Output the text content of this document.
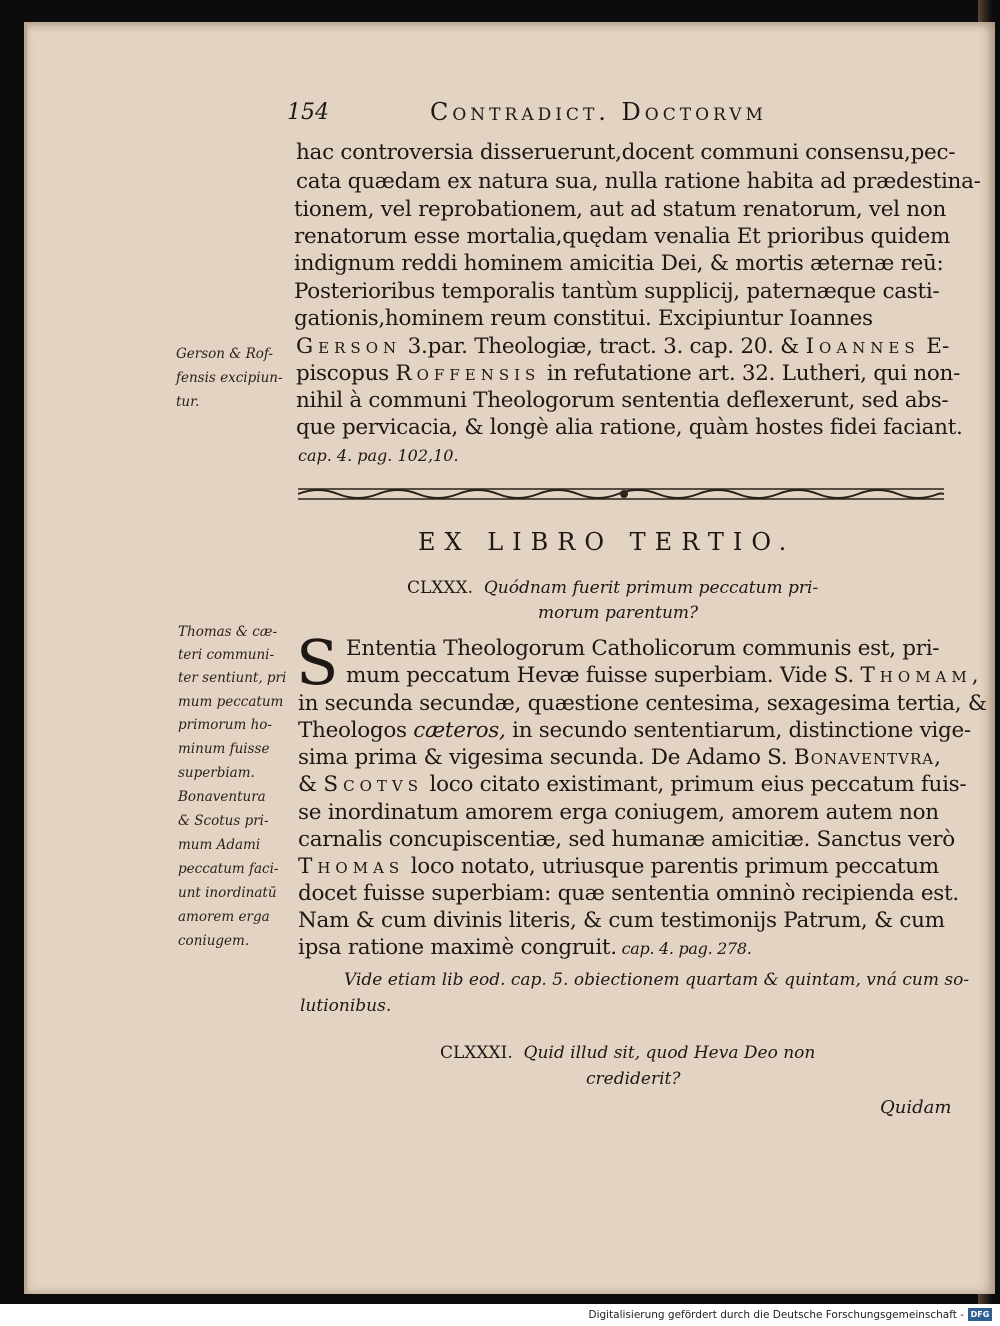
154	Contradict. Doctorvm
hac controversia disseruerunt,docent communi consensu,pec-
cata quædam ex natura sua, nulla ratione habita ad prædestina-
tionem, vel reprobationem, aut ad statum renatorum, vel non
renatorum esse mortalia,quędam venalia Et prioribus quidem
indignum reddi hominem amicitia Dei, & mortis æternæ reū:
Posterioribus temporalis tantùm supplicij, paternæque casti-
gationis,hominem reum constitui. Excipiuntur Ioannes
Gerson 3.par. Theologiæ, tract. 3. cap. 20. & Ioannes E-
piscopus Roffensis in refutatione art. 32. Lutheri, qui non-
nihil à communi Theologorum sententia deflexerunt, sed abs-
que pervicacia, & longè alia ratione, quàm hostes fidei faciant.
cap. 4. pag. 102,10.
Gerson & Rof-
fensis excipiun-
tur.
EX LIBRO TERTIO.
CLXXX. Quódnam fuerit primum peccatum pri-
morum parentum?
S Ententia Theologorum Catholicorum communis est, pri-
mum peccatum Hevæ fuisse superbiam. Vide S. Thomam,
in secunda secundæ, quæstione centesima, sexagesima tertia, &
Theologos cæteros, in secundo sententiarum, distinctione vige-
sima prima & vigesima secunda. De Adamo S. Bonaventvra,
& Scotvs loco citato existimant, primum eius peccatum fuis-
se inordinatum amorem erga coniugem, amorem autem non
carnalis concupiscentiæ, sed humanæ amicitiæ. Sanctus verò
Thomas loco notato, utriusque parentis primum peccatum
docet fuisse superbiam: quæ sententia omninò recipienda est.
Nam & cum divinis literis, & cum testimonijs Patrum, & cum
ipsa ratione maximè congruit. cap. 4. pag. 278.
Vide etiam lib eod. cap. 5. obiectionem quartam & quintam, vná cum so-
lutionibus.
Thomas & cæ-
teri communi-
ter sentiunt, pri
mum peccatum
primorum ho-
minum fuisse
superbiam.
Bonaventura
& Scotus pri-
mum Adami
peccatum faci-
unt inordinatū
amorem erga
coniugem.
CLXXXI. Quid illud sit, quod Heva Deo non
crediderit?
Quidam
Digitalisierung gefördert durch die Deutsche Forschungsgemeinschaft - DFG
